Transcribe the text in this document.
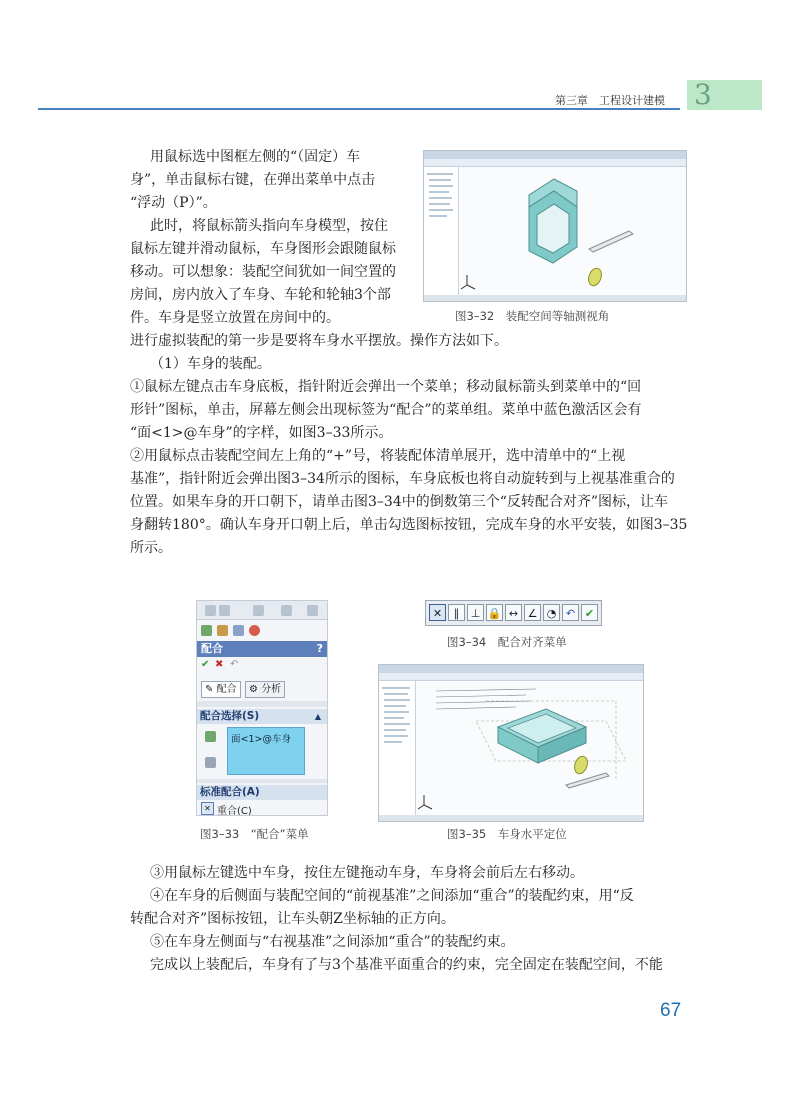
第三章　工程设计建模 3
用鼠标选中图框左侧的“（固定）车
身”，单击鼠标右键，在弹出菜单中点击
“浮动（P）”。
此时，将鼠标箭头指向车身模型，按住
鼠标左键并滑动鼠标，车身图形会跟随鼠标
移动。可以想象：装配空间犹如一间空置的
房间，房内放入了车身、车轮和轮轴3个部
件。车身是竖立放置在房间中的。	图3–32　装配空间等轴测视角
进行虚拟装配的第一步是要将车身水平摆放。操作方法如下。
（1）车身的装配。
①鼠标左键点击车身底板，指针附近会弹出一个菜单；移动鼠标箭头到菜单中的“回
形针”图标，单击，屏幕左侧会出现标签为“配合”的菜单组。菜单中蓝色激活区会有
“面<1>@车身”的字样，如图3–33所示。
②用鼠标点击装配空间左上角的“+”号，将装配体清单展开，选中清单中的“上视
基准”，指针附近会弹出图3–34所示的图标，车身底板也将自动旋转到与上视基准重合的
位置。如果车身的开口朝下，请单击图3–34中的倒数第三个“反转配合对齐”图标，让车
身翻转180°。确认车身开口朝上后，单击勾选图标按钮，完成车身的水平安装，如图3–35
所示。
配合	?
✔ ✖ ↶
✎ 配合	⚙ 分析
配合选择(S)	▲
面<1>@车身
标准配合(A)
✕ 重合(C)
图3–33　“配合”菜单
✕	∥	⊥ 🔒 ↔ ∠ ◔ ↶ ✔
图3–34　配合对齐菜单
图3–35　车身水平定位
③用鼠标左键选中车身，按住左键拖动车身，车身将会前后左右移动。
④在车身的后侧面与装配空间的“前视基准”之间添加“重合”的装配约束，用“反
转配合对齐”图标按钮，让车头朝Z坐标轴的正方向。
⑤在车身左侧面与“右视基准”之间添加“重合”的装配约束。
完成以上装配后，车身有了与3个基准平面重合的约束，完全固定在装配空间，不能
67
